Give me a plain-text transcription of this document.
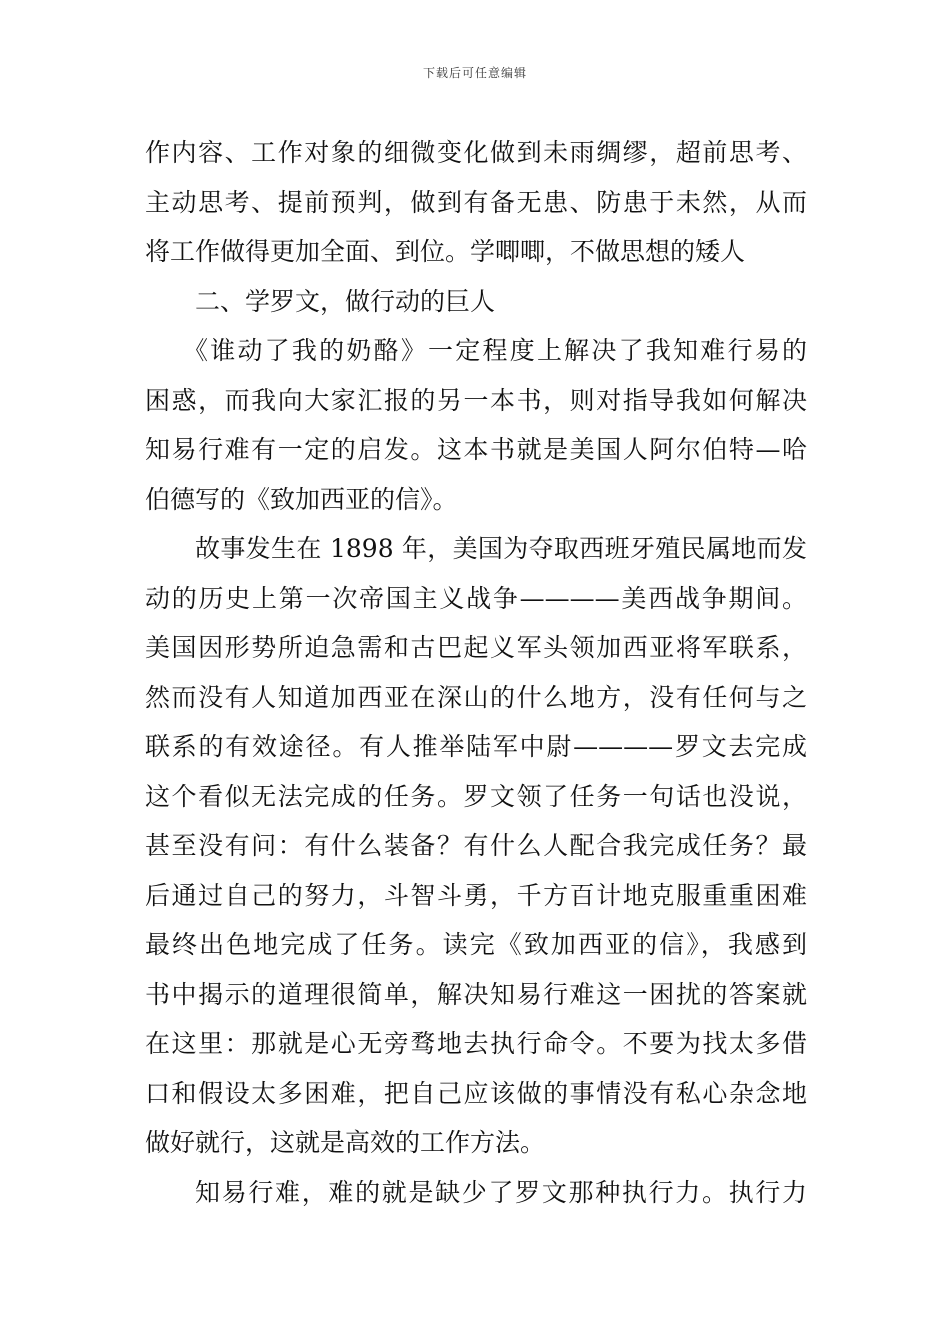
下载后可任意编辑
作内容、工作对象的细微变化做到未雨绸缪，超前思考、
主动思考、提前预判，做到有备无患、防患于未然，从而
将工作做得更加全面、到位。学唧唧，不做思想的矮人
二、学罗文，做行动的巨人
《谁动了我的奶酪》一定程度上解决了我知难行易的
困惑，而我向大家汇报的另一本书，则对指导我如何解决
知易行难有一定的启发。这本书就是美国人阿尔伯特—哈
伯德写的《致加西亚的信》。
故事发生在 1898 年，美国为夺取西班牙殖民属地而发
动的历史上第一次帝国主义战争————美西战争期间。
美国因形势所迫急需和古巴起义军头领加西亚将军联系，
然而没有人知道加西亚在深山的什么地方，没有任何与之
联系的有效途径。有人推举陆军中尉————罗文去完成
这个看似无法完成的任务。罗文领了任务一句话也没说，
甚至没有问：有什么装备？有什么人配合我完成任务？最
后通过自己的努力，斗智斗勇，千方百计地克服重重困难
最终出色地完成了任务。读完《致加西亚的信》，我感到
书中揭示的道理很简单，解决知易行难这一困扰的答案就
在这里：那就是心无旁骛地去执行命令。不要为找太多借
口和假设太多困难，把自己应该做的事情没有私心杂念地
做好就行，这就是高效的工作方法。
知易行难，难的就是缺少了罗文那种执行力。执行力
